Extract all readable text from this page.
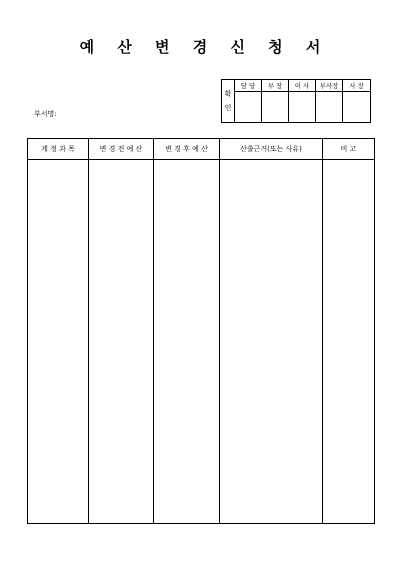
예 산 변 경 신 청 서
부서명:
확
인	담 당	부 장	이 사	부사장	사 장

계 정 과 목	변 경 전 예 산	변 경 후 예 산	산출근거(또는 사유)	비 고
